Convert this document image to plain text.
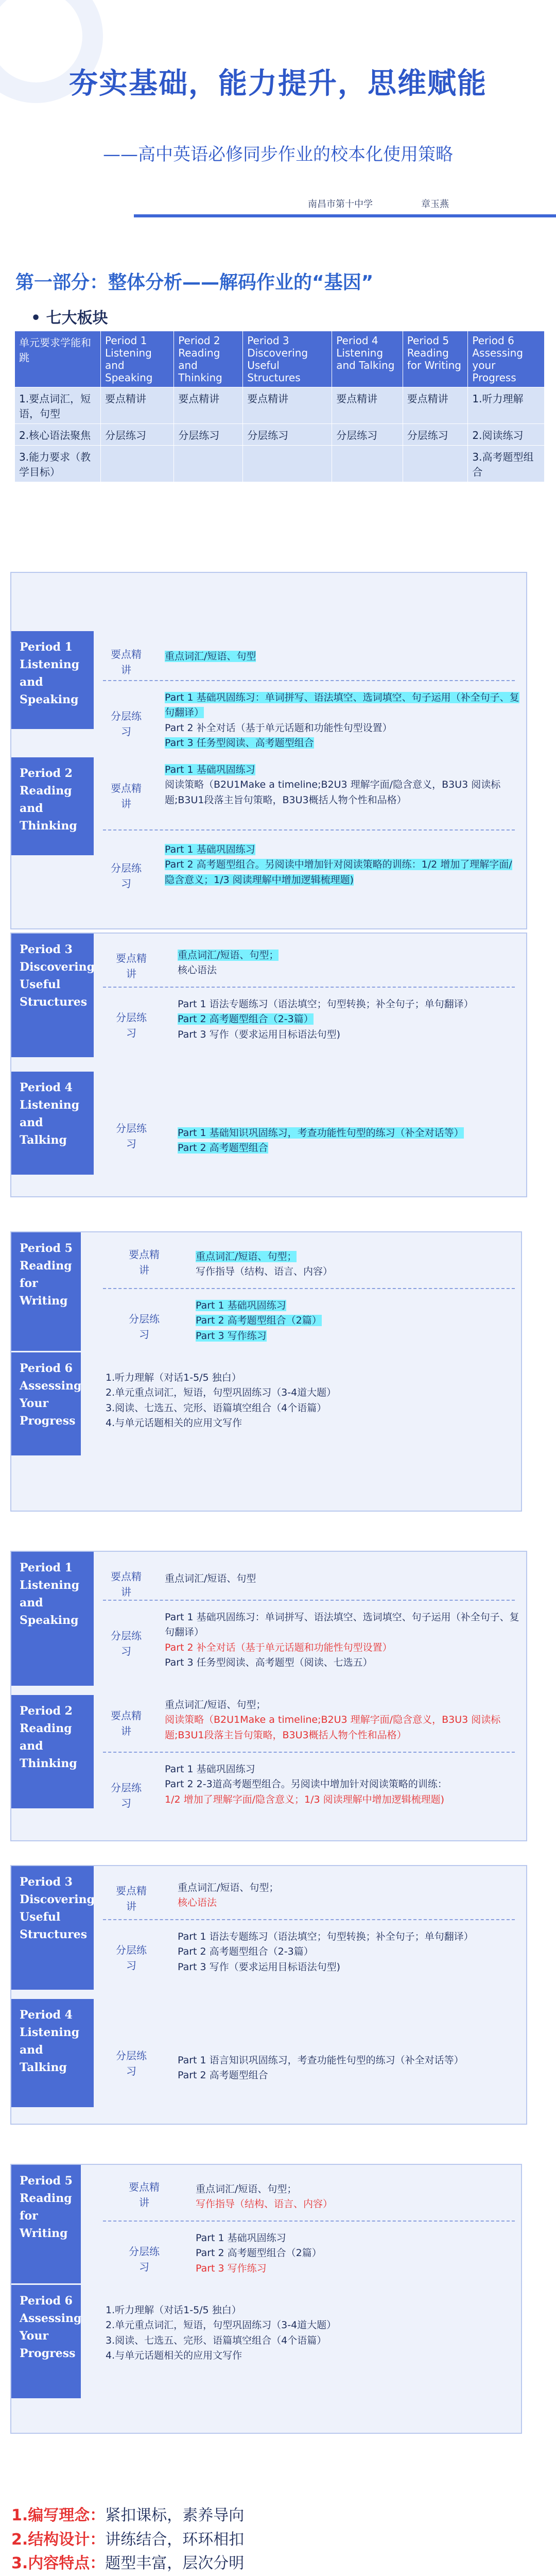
夯实基础，能力提升，思维赋能
——高中英语必修同步作业的校本化使用策略
南昌市第十中学	章玉燕
第一部分：整体分析——解码作业的“基因”
• 七大板块
单元要求学能和跳	Period 1 Listening and Speaking	Period 2 Reading and Thinking	Period 3 Discovering Useful Structures	Period 4 Listening and Talking	Period 5 Reading for Writing	Period 6 Assessing your Progress
1.要点词汇，短语，句型	要点精讲	要点精讲	要点精讲	要点精讲	要点精讲	1.听力理解
2.核心语法聚焦	分层练习	分层练习	分层练习	分层练习	分层练习	2.阅读练习
3.能力要求（教学目标）						3.高考题型组合
Period 1 Listening and Speaking
Period 2 Reading and Thinking
要点精讲
重点词汇/短语、句型
分层练习
Part 1 基础巩固练习：单词拼写、语法填空、选词填空、句子运用（补全句子、复句翻译）
Part 2 补全对话（基于单元话题和功能性句型设置）
Part 3 任务型阅读、高考题型组合
要点精讲
Part 1 基础巩固练习
阅读策略（B2U1Make a timeline;B2U3 理解字面/隐含意义，B3U3 阅读标题;B3U1段落主旨句策略，B3U3概括人物个性和品格）
分层练习
Part 1 基础巩固练习
Part 2 高考题型组合。另阅读中增加针对阅读策略的训练：1/2 增加了理解字面/隐含意义；1/3 阅读理解中增加逻辑梳理题)
Period 3 Discovering Useful Structures
Period 4 Listening and Talking
要点精讲
重点词汇/短语、句型；
核心语法
分层练习
Part 1 语法专题练习（语法填空；句型转换；补全句子；单句翻译）
Part 2 高考题型组合（2-3篇）
Part 3 写作（要求运用目标语法句型)
分层练习
Part 1 基础知识巩固练习，考查功能性句型的练习（补全对话等）
Part 2 高考题型组合
Period 5 Reading for Writing
Period 6 Assessing Your Progress
要点精讲
重点词汇/短语、句型；
写作指导（结构、语言、内容）
分层练习
Part 1 基础巩固练习
Part 2 高考题型组合（2篇）
Part 3 写作练习
1.听力理解（对话1-5/5 独白）
2.单元重点词汇，短语，句型巩固练习（3-4道大题）
3.阅读、七选五、完形、语篇填空组合（4个语篇）
4.与单元话题相关的应用文写作
Period 1 Listening and Speaking
Period 2 Reading and Thinking
要点精讲
重点词汇/短语、句型
分层练习
Part 1 基础巩固练习：单词拼写、语法填空、选词填空、句子运用（补全句子、复句翻译）
Part 2 补全对话（基于单元话题和功能性句型设置）
Part 3 任务型阅读、高考题型（阅读、七选五）
要点精讲
重点词汇/短语、句型；
阅读策略（B2U1Make a timeline;B2U3 理解字面/隐含意义，B3U3 阅读标题;B3U1段落主旨句策略，B3U3概括人物个性和品格）
分层练习
Part 1 基础巩固练习
Part 2 2-3道高考题型组合。另阅读中增加针对阅读策略的训练：
1/2 增加了理解字面/隐含意义；1/3 阅读理解中增加逻辑梳理题)
Period 3 Discovering Useful Structures
Period 4 Listening and Talking
要点精讲
重点词汇/短语、句型；
核心语法
分层练习
Part 1 语法专题练习（语法填空；句型转换；补全句子；单句翻译）
Part 2 高考题型组合（2-3篇）
Part 3 写作（要求运用目标语法句型)
分层练习
Part 1 语言知识巩固练习，考查功能性句型的练习（补全对话等）
Part 2 高考题型组合
Period 5 Reading for Writing
Period 6 Assessing Your Progress
要点精讲
重点词汇/短语、句型；
写作指导（结构、语言、内容）
分层练习
Part 1 基础巩固练习
Part 2 高考题型组合（2篇）
Part 3 写作练习
1.听力理解（对话1-5/5 独白）
2.单元重点词汇，短语，句型巩固练习（3-4道大题）
3.阅读、七选五、完形、语篇填空组合（4个语篇）
4.与单元话题相关的应用文写作
1.编写理念：紧扣课标，素养导向
2.结构设计：讲练结合，环环相扣
3.内容特点：题型丰富，层次分明
